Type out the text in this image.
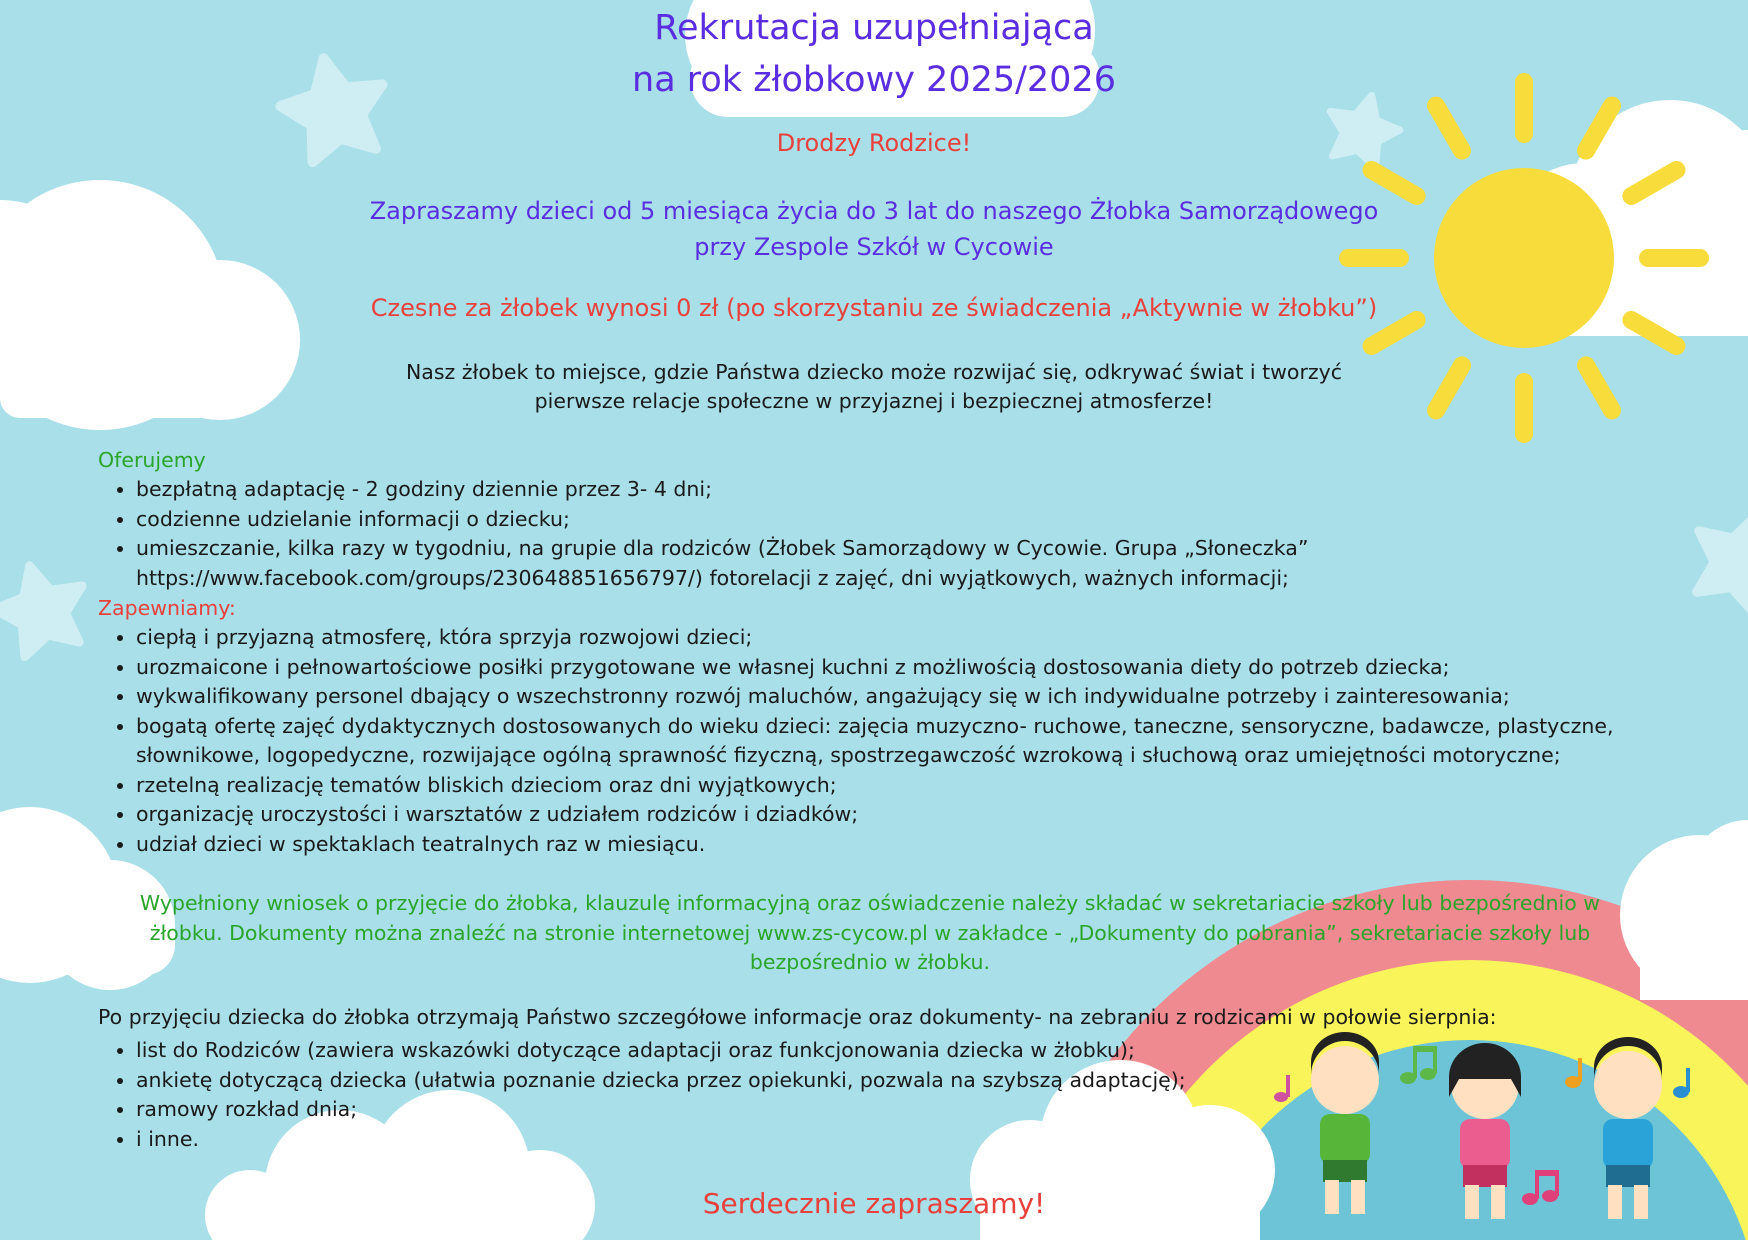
Rekrutacja uzupełniająca
na rok żłobkowy 2025/2026
Drodzy Rodzice!
Zapraszamy dzieci od 5 miesiąca życia do 3 lat do naszego Żłobka Samorządowego
przy Zespole Szkół w Cycowie
Czesne za żłobek wynosi 0 zł (po skorzystaniu ze świadczenia „Aktywnie w żłobku”)
Nasz żłobek to miejsce, gdzie Państwa dziecko może rozwijać się, odkrywać świat i tworzyć
pierwsze relacje społeczne w przyjaznej i bezpiecznej atmosferze!
Oferujemy
• bezpłatną adaptację - 2 godziny dziennie przez 3- 4 dni;
• codzienne udzielanie informacji o dziecku;
• umieszczanie, kilka razy w tygodniu, na grupie dla rodziców (Żłobek Samorządowy w Cycowie. Grupa „Słoneczka”
https://www.facebook.com/groups/230648851656797/) fotorelacji z zajęć, dni wyjątkowych, ważnych informacji;
Zapewniamy:
• ciepłą i przyjazną atmosferę, która sprzyja rozwojowi dzieci;
• urozmaicone i pełnowartościowe posiłki przygotowane we własnej kuchni z możliwością dostosowania diety do potrzeb dziecka;
• wykwalifikowany personel dbający o wszechstronny rozwój maluchów, angażujący się w ich indywidualne potrzeby i zainteresowania;
• bogatą ofertę zajęć dydaktycznych dostosowanych do wieku dzieci: zajęcia muzyczno- ruchowe, taneczne, sensoryczne, badawcze, plastyczne,
słownikowe, logopedyczne, rozwijające ogólną sprawność fizyczną, spostrzegawczość wzrokową i słuchową oraz umiejętności motoryczne;
• rzetelną realizację tematów bliskich dzieciom oraz dni wyjątkowych;
• organizację uroczystości i warsztatów z udziałem rodziców i dziadków;
• udział dzieci w spektaklach teatralnych raz w miesiącu.
Wypełniony wniosek o przyjęcie do żłobka, klauzulę informacyjną oraz oświadczenie należy składać w sekretariacie szkoły lub bezpośrednio w
żłobku. Dokumenty można znaleźć na stronie internetowej www.zs-cycow.pl w zakładce - „Dokumenty do pobrania”, sekretariacie szkoły lub
bezpośrednio w żłobku.
Po przyjęciu dziecka do żłobka otrzymają Państwo szczegółowe informacje oraz dokumenty- na zebraniu z rodzicami w połowie sierpnia:
• list do Rodziców (zawiera wskazówki dotyczące adaptacji oraz funkcjonowania dziecka w żłobku);
• ankietę dotyczącą dziecka (ułatwia poznanie dziecka przez opiekunki, pozwala na szybszą adaptację);
• ramowy rozkład dnia;
• i inne.
Serdecznie zapraszamy!
